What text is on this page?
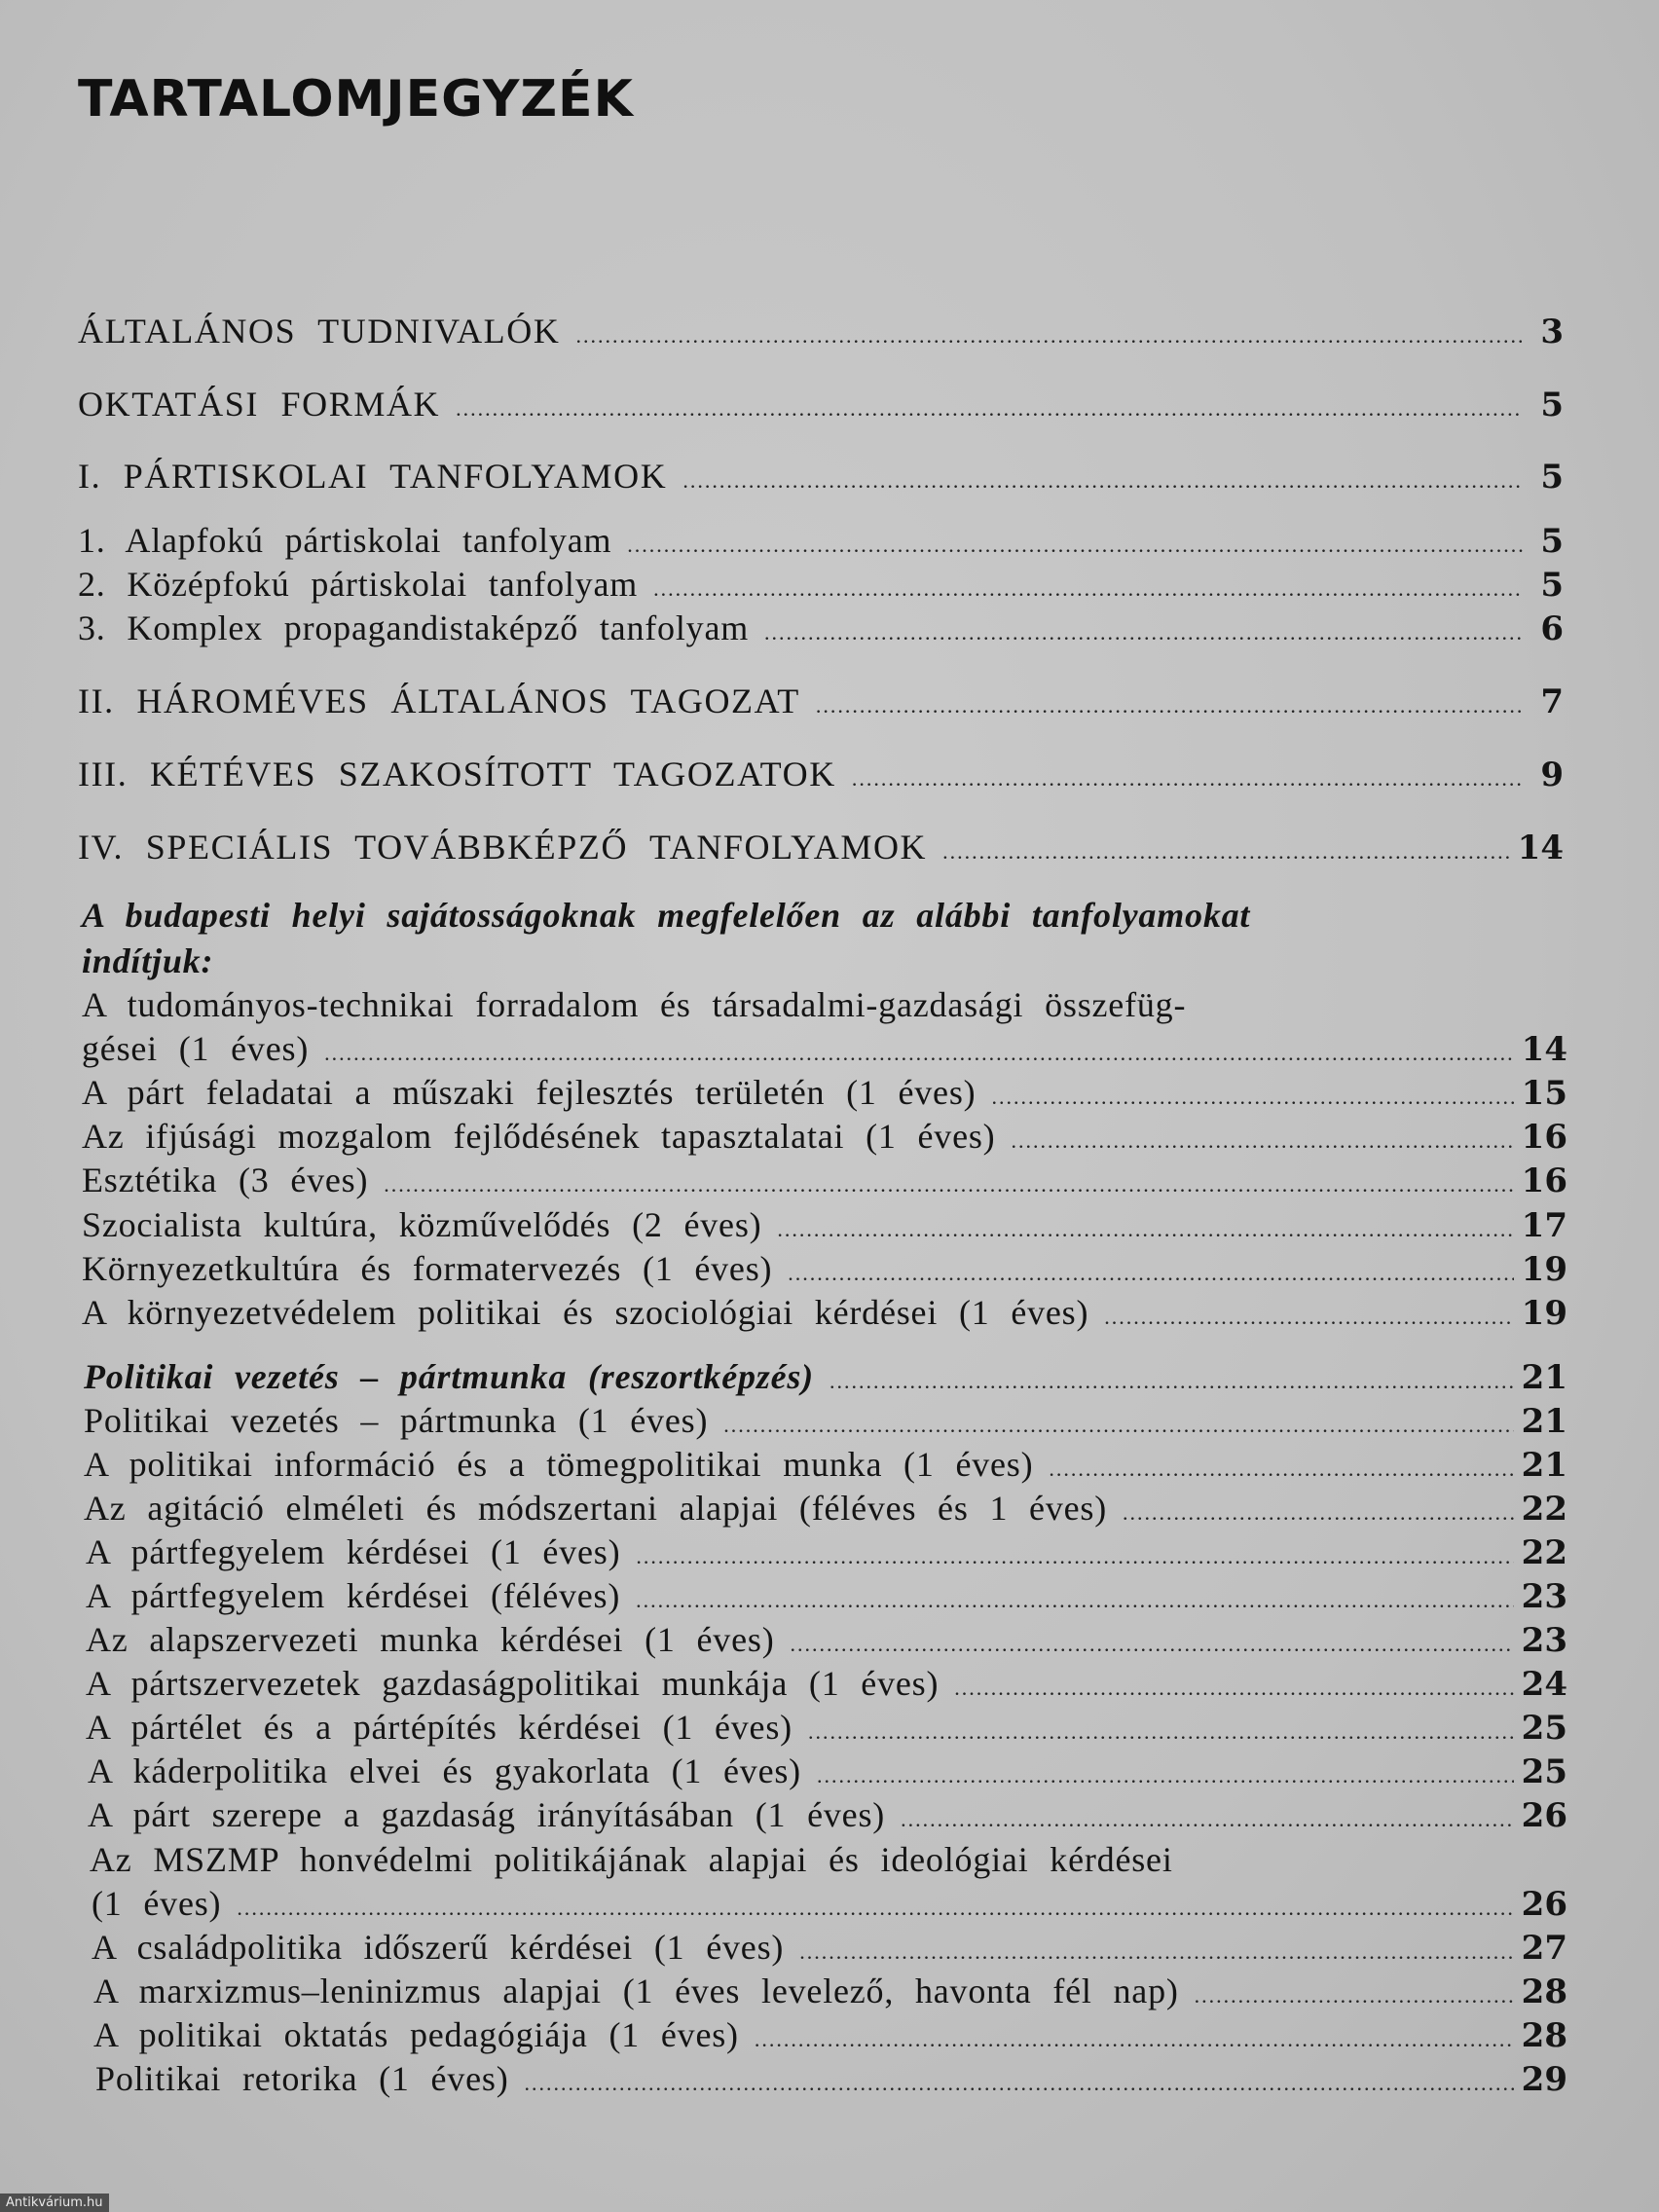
TARTALOMJEGYZÉK
ÁLTALÁNOS TUDNIVALÓK .....	3
OKTATÁSI FORMÁK .....	5
I. PÁRTISKOLAI TANFOLYAMOK .....	5
1. Alapfokú pártiskolai tanfolyam .....	5
2. Középfokú pártiskolai tanfolyam .....	5
3. Komplex propagandistaképző tanfolyam .....	6
II. HÁROMÉVES ÁLTALÁNOS TAGOZAT .....	7
III. KÉTÉVES SZAKOSÍTOTT TAGOZATOK .....	9
IV. SPECIÁLIS TOVÁBBKÉPZŐ TANFOLYAMOK .....	14
A budapesti helyi sajátosságoknak megfelelően az alábbi tanfolyamokat
indítjuk:
A tudományos-technikai forradalom és társadalmi-gazdasági összefüg-
gései (1 éves) .....	14
A párt feladatai a műszaki fejlesztés területén (1 éves) .....	15
Az ifjúsági mozgalom fejlődésének tapasztalatai (1 éves) .....	16
Esztétika (3 éves) .....	16
Szocialista kultúra, közművelődés (2 éves) .....	17
Környezetkultúra és formatervezés (1 éves) .....	19
A környezetvédelem politikai és szociológiai kérdései (1 éves) .....	19
Politikai vezetés – pártmunka (reszortképzés) .....	21
Politikai vezetés – pártmunka (1 éves) .....	21
A politikai információ és a tömegpolitikai munka (1 éves) .....	21
Az agitáció elméleti és módszertani alapjai (féléves és 1 éves) .....	22
A pártfegyelem kérdései (1 éves) .....	22
A pártfegyelem kérdései (féléves) .....	23
Az alapszervezeti munka kérdései (1 éves) .....	23
A pártszervezetek gazdaságpolitikai munkája (1 éves) .....	24
A pártélet és a pártépítés kérdései (1 éves) .....	25
A káderpolitika elvei és gyakorlata (1 éves) .....	25
A párt szerepe a gazdaság irányításában (1 éves) .....	26
Az MSZMP honvédelmi politikájának alapjai és ideológiai kérdései
(1 éves) .....	26
A családpolitika időszerű kérdései (1 éves) .....	27
A marxizmus–leninizmus alapjai (1 éves levelező, havonta fél nap) .....	28
A politikai oktatás pedagógiája (1 éves) .....	28
Politikai retorika (1 éves) .....	29
Antikvárium.hu
